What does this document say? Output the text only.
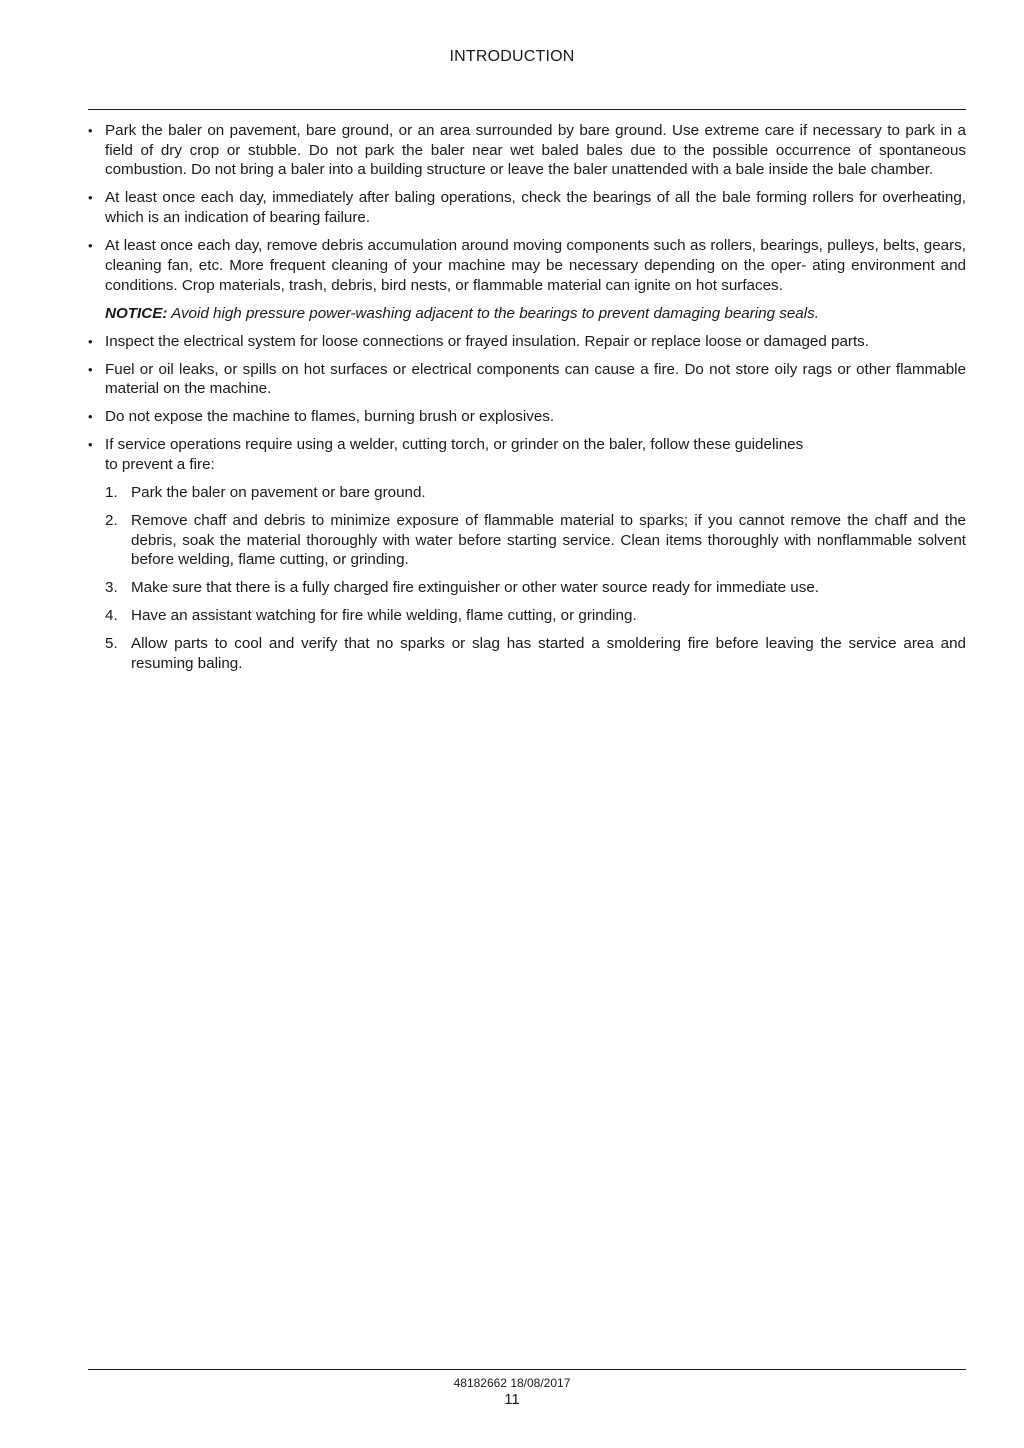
INTRODUCTION
• Park the baler on pavement, bare ground, or an area surrounded by bare ground. Use extreme care if necessary to park in a field of dry crop or stubble. Do not park the baler near wet baled bales due to the possible occurrence of spontaneous combustion. Do not bring a baler into a building structure or leave the baler unattended with a bale inside the bale chamber.
• At least once each day, immediately after baling operations, check the bearings of all the bale forming rollers for overheating, which is an indication of bearing failure.
• At least once each day, remove debris accumulation around moving components such as rollers, bearings, pulleys, belts, gears, cleaning fan, etc. More frequent cleaning of your machine may be necessary depending on the oper- ating environment and conditions. Crop materials, trash, debris, bird nests, or flammable material can ignite on hot surfaces.
NOTICE: Avoid high pressure power-washing adjacent to the bearings to prevent damaging bearing seals.
• Inspect the electrical system for loose connections or frayed insulation. Repair or replace loose or damaged parts.
• Fuel or oil leaks, or spills on hot surfaces or electrical components can cause a fire. Do not store oily rags or other flammable material on the machine.
• Do not expose the machine to flames, burning brush or explosives.
• If service operations require using a welder, cutting torch, or grinder on the baler, follow these guidelines
to prevent a fire:
1. Park the baler on pavement or bare ground.
2. Remove chaff and debris to minimize exposure of flammable material to sparks; if you cannot remove the chaff and the debris, soak the material thoroughly with water before starting service. Clean items thoroughly with nonflammable solvent before welding, flame cutting, or grinding.
3. Make sure that there is a fully charged fire extinguisher or other water source ready for immediate use.
4. Have an assistant watching for fire while welding, flame cutting, or grinding.
5. Allow parts to cool and verify that no sparks or slag has started a smoldering fire before leaving the service area and resuming baling.
48182662 18/08/2017
11
